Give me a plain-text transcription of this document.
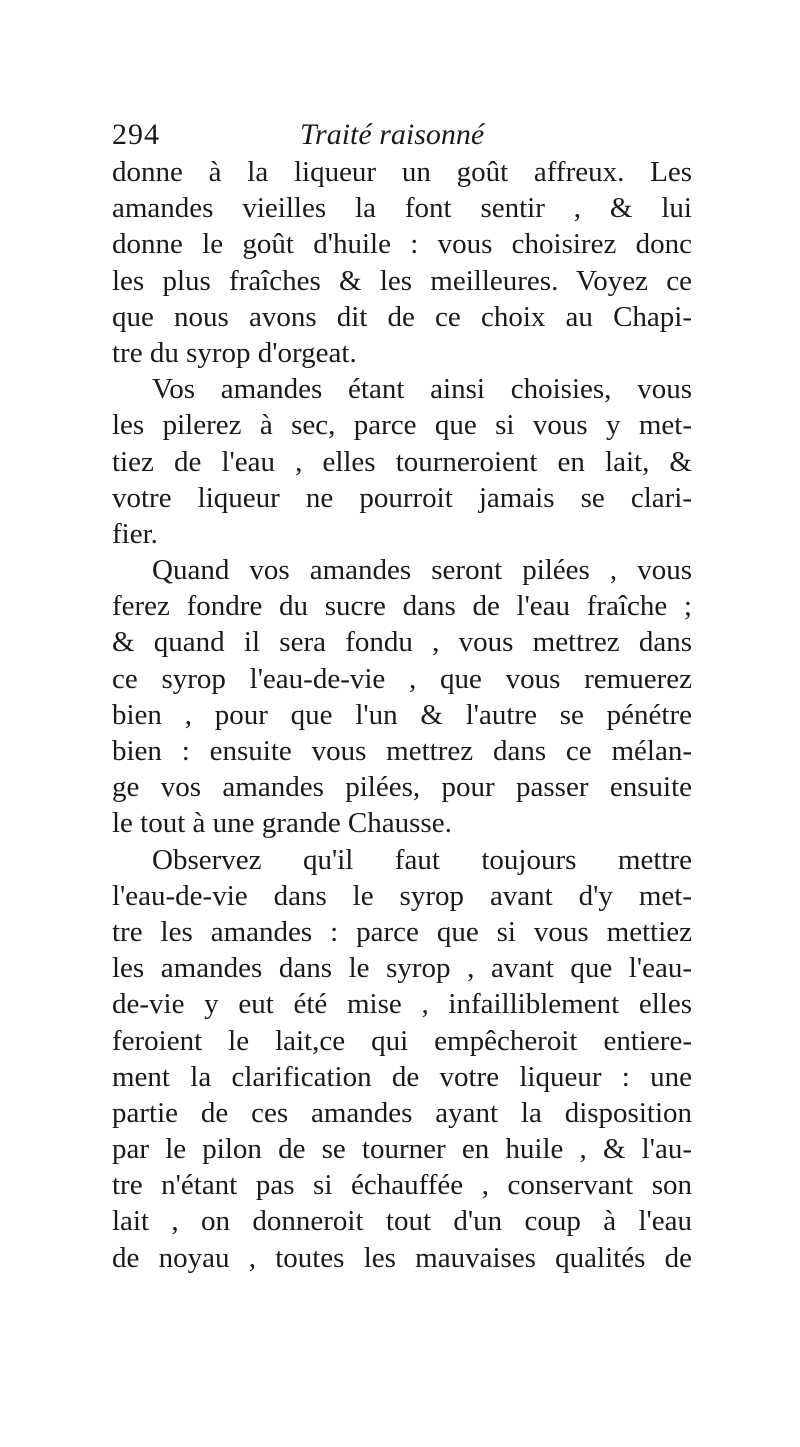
294	Traité raisonné
donne à la liqueur un goût affreux. Les
amandes vieilles la font sentir , & lui
donne le goût d'huile : vous choisirez donc
les plus fraîches & les meilleures. Voyez ce
que nous avons dit de ce choix au Chapi-
tre du syrop d'orgeat.
Vos amandes étant ainsi choisies, vous
les pilerez à sec, parce que si vous y met-
tiez de l'eau , elles tourneroient en lait, &
votre liqueur ne pourroit jamais se clari-
fier.
Quand vos amandes seront pilées , vous
ferez fondre du sucre dans de l'eau fraîche ;
& quand il sera fondu , vous mettrez dans
ce syrop l'eau-de-vie , que vous remuerez
bien , pour que l'un & l'autre se pénétre
bien : ensuite vous mettrez dans ce mélan-
ge vos amandes pilées, pour passer ensuite
le tout à une grande Chausse.
Observez qu'il faut toujours mettre
l'eau-de-vie dans le syrop avant d'y met-
tre les amandes : parce que si vous mettiez
les amandes dans le syrop , avant que l'eau-
de-vie y eut été mise , infailliblement elles
feroient le lait,ce qui empêcheroit entiere-
ment la clarification de votre liqueur : une
partie de ces amandes ayant la disposition
par le pilon de se tourner en huile , & l'au-
tre n'étant pas si échauffée , conservant son
lait , on donneroit tout d'un coup à l'eau
de noyau , toutes les mauvaises qualités de
